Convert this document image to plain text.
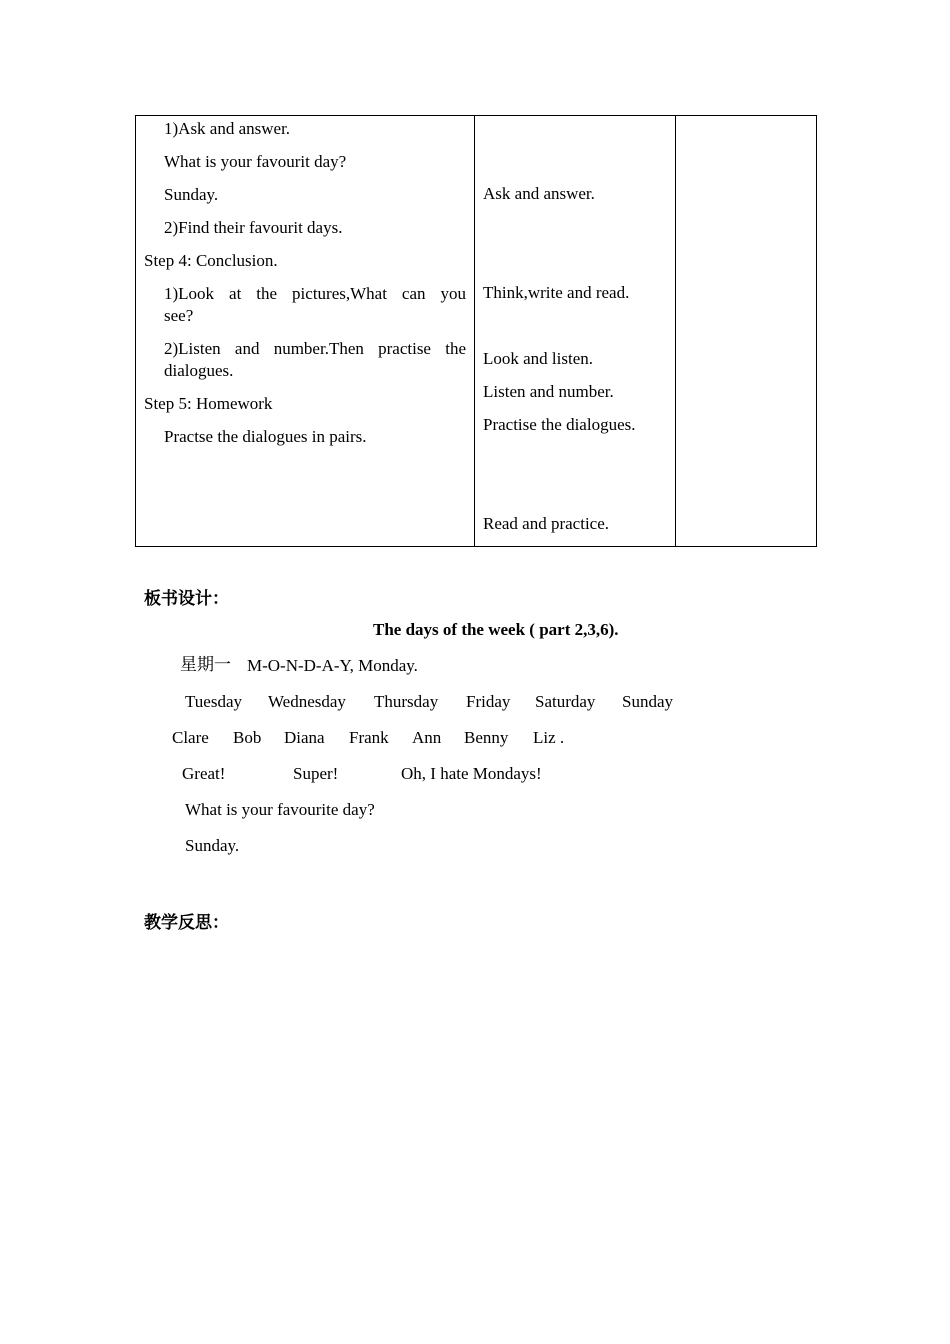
1)Ask and answer.
What is your favourit day?
Sunday.
2)Find their favourit days.
Step 4: Conclusion.
1)Look at the pictures,What can you
see?
2)Listen and number.Then practise the
dialogues.
Step 5: Homework
Practse the dialogues in pairs.

Ask and answer.
Think,write and read.
Look and listen.
Listen and number.
Practise the dialogues.
Read and practice.

板书设计：
The days of the week ( part 2,3,6).
星期一 M-O-N-D-A-Y, Monday.
Tuesday Wednesday Thursday Friday Saturday Sunday
Clare Bob Diana Frank Ann Benny Liz .
Great!	Super!	Oh, I hate Mondays!
What is your favourite day?
Sunday.
教学反思：
